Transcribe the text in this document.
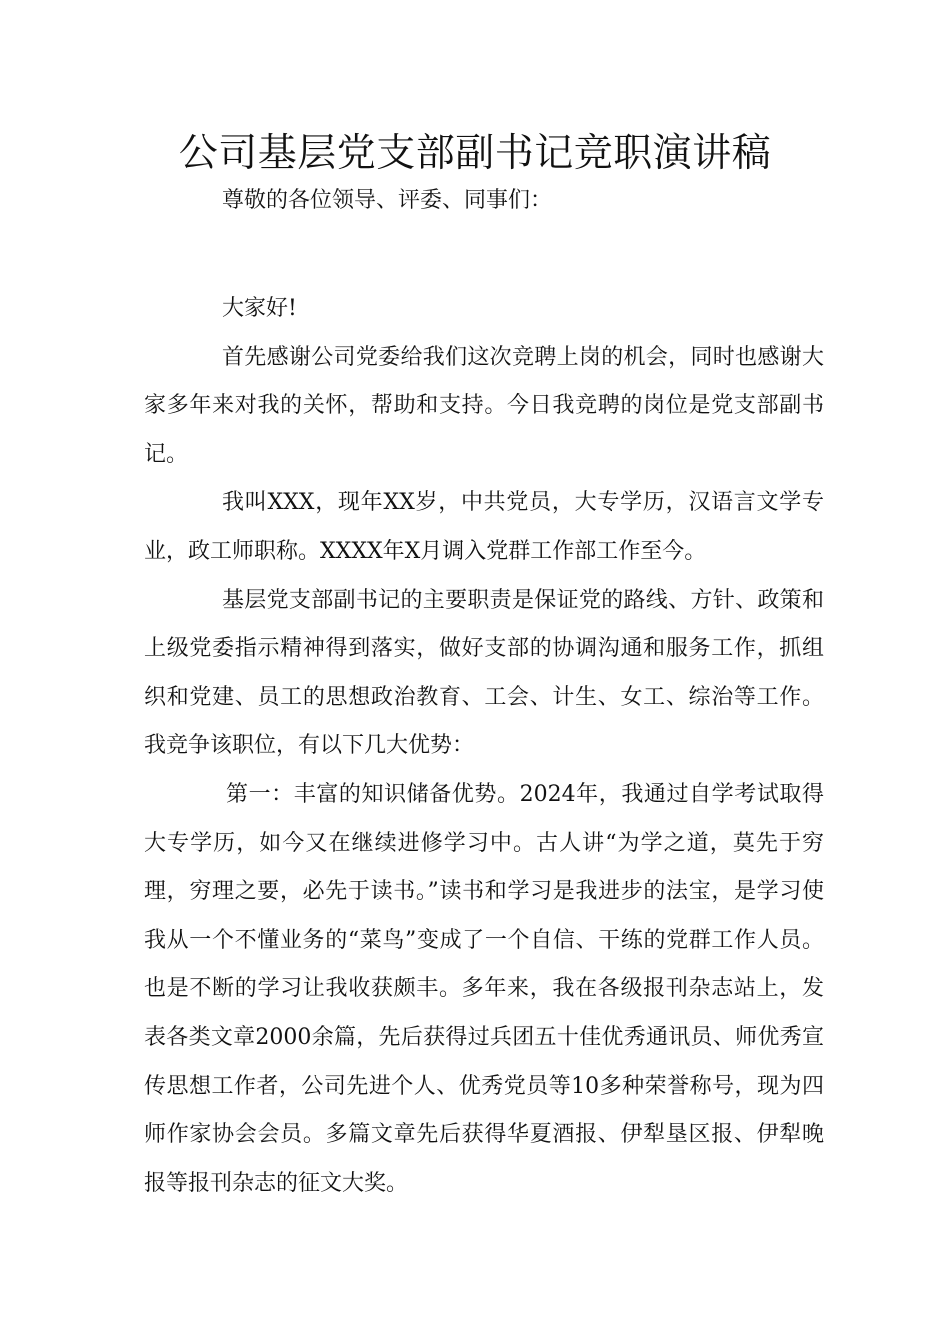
公司基层党支部副书记竞职演讲稿

尊敬的各位领导、评委、同事们：

大家好!

首先感谢公司党委给我们这次竞聘上岗的机会，同时也感谢大家多年来对我的关怀，帮助和支持。今日我竞聘的岗位是党支部副书记。

我叫XXX，现年XX岁，中共党员，大专学历，汉语言文学专业，政工师职称。XXXX年X月调入党群工作部工作至今。

基层党支部副书记的主要职责是保证党的路线、方针、政策和上级党委指示精神得到落实，做好支部的协调沟通和服务工作，抓组织和党建、员工的思想政治教育、工会、计生、女工、综治等工作。我竞争该职位，有以下几大优势：

第一：丰富的知识储备优势。2024年，我通过自学考试取得大专学历，如今又在继续进修学习中。古人讲“为学之道，莫先于穷理，穷理之要，必先于读书。”读书和学习是我进步的法宝，是学习使我从一个不懂业务的“菜鸟”变成了一个自信、干练的党群工作人员。也是不断的学习让我收获颇丰。多年来，我在各级报刊杂志站上，发表各类文章2000余篇，先后获得过兵团五十佳优秀通讯员、师优秀宣传思想工作者，公司先进个人、优秀党员等10多种荣誉称号，现为四师作家协会会员。多篇文章先后获得华夏酒报、伊犁垦区报、伊犁晚报等报刊杂志的征文大奖。
